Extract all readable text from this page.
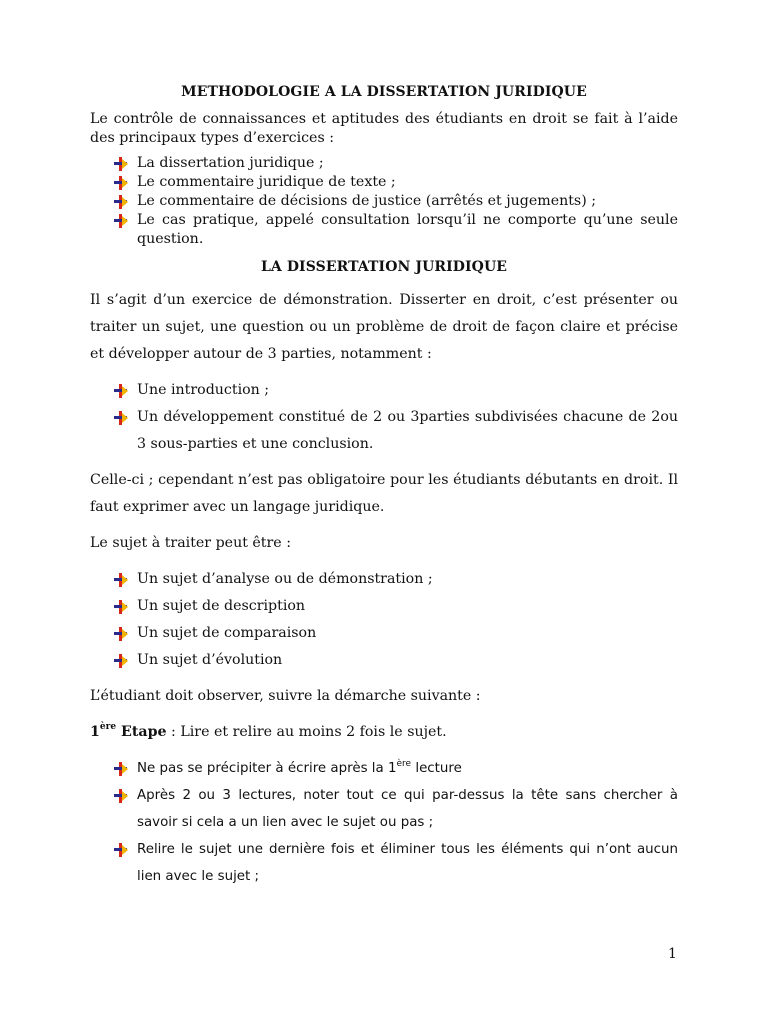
METHODOLOGIE A LA DISSERTATION JURIDIQUE

Le contrôle de connaissances et aptitudes des étudiants en droit se fait à l’aide des principaux types d’exercices :

La dissertation juridique ;
Le commentaire juridique de texte ;
Le commentaire de décisions de justice (arrêtés et jugements) ;
Le cas pratique, appelé consultation lorsqu’il ne comporte qu’une seule question.
LA DISSERTATION JURIDIQUE

Il s’agit d’un exercice de démonstration. Disserter en droit, c’est présenter ou traiter un sujet, une question ou un problème de droit de façon claire et précise et développer autour de 3 parties, notamment :

Une introduction ;
Un développement constitué de 2 ou 3parties subdivisées chacune de 2ou 3 sous-parties et une conclusion.

Celle-ci ; cependant n’est pas obligatoire pour les étudiants débutants en droit. Il faut exprimer avec un langage juridique.

Le sujet à traiter peut être :

Un sujet d’analyse ou de démonstration ;
Un sujet de description
Un sujet de comparaison
Un sujet d’évolution

L’étudiant doit observer, suivre la démarche suivante :

1ère Etape : Lire et relire au moins 2 fois le sujet.

Ne pas se précipiter à écrire après la 1ère lecture
Après 2 ou 3 lectures, noter tout ce qui par-dessus la tête sans chercher à savoir si cela a un lien avec le sujet ou pas ;
Relire le sujet une dernière fois et éliminer tous les éléments qui n’ont aucun lien avec le sujet ;
1
